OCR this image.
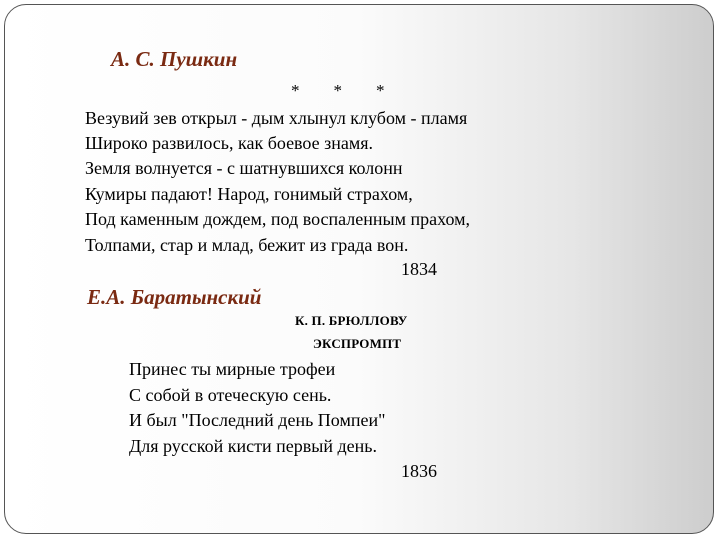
А. С. Пушкин
*        *        *
Везувий зев открыл - дым хлынул клубом - пламя
Широко развилось, как боевое знамя.
Земля волнуется - с шатнувшихся колонн
Кумиры падают! Народ, гонимый страхом,
Под каменным дождем, под воспаленным прахом,
Толпами, стар и млад, бежит из града вон.
1834
Е.А. Баратынский
К. П. БРЮЛЛОВУ
ЭКСПРОМПТ
Принес ты мирные трофеи
С собой в отеческую сень.
И был "Последний день Помпеи"
Для русской кисти первый день.
1836
